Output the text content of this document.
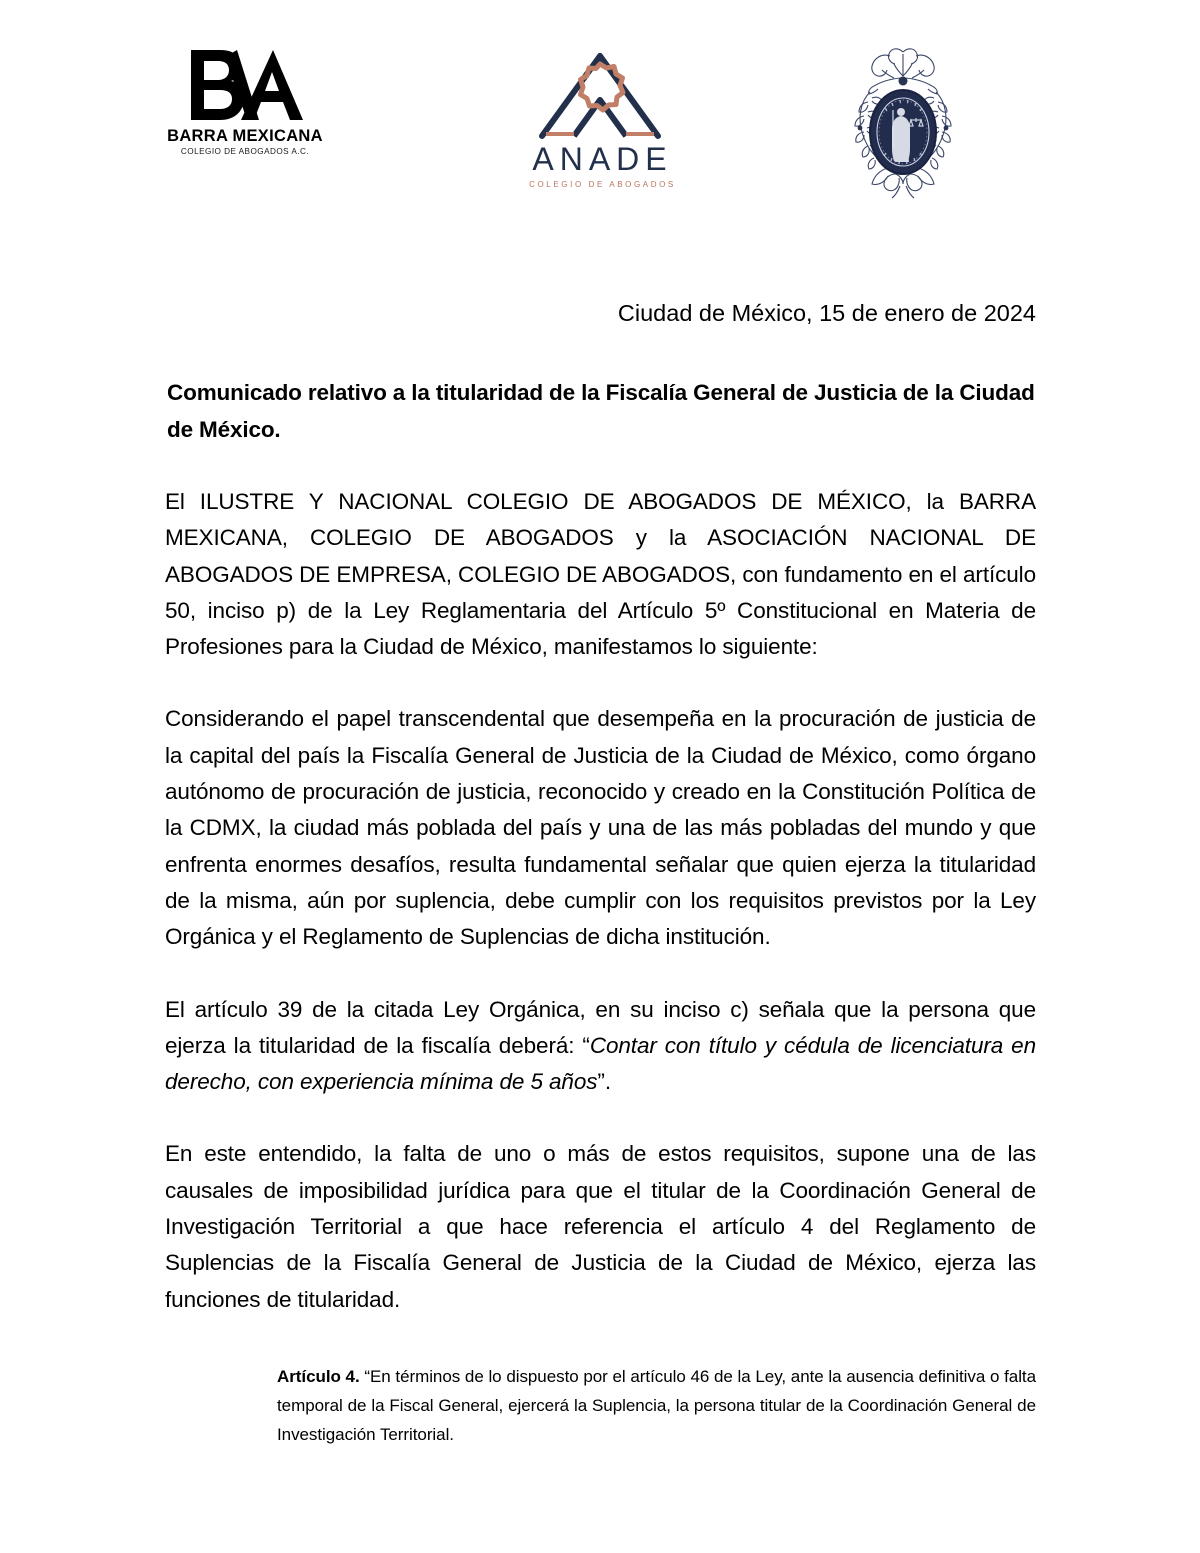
BARRA MEXICANA
COLEGIO DE ABOGADOS A.C.	ANADE
COLEGIO DE ABOGADOS

Ciudad de México, 15 de enero de 2024

Comunicado relativo a la titularidad de la Fiscalía General de Justicia de la Ciudad de México.

El ILUSTRE Y NACIONAL COLEGIO DE ABOGADOS DE MÉXICO, la BARRA MEXICANA, COLEGIO DE ABOGADOS y la ASOCIACIÓN NACIONAL DE ABOGADOS DE EMPRESA, COLEGIO DE ABOGADOS, con fundamento en el artículo 50, inciso p) de la Ley Reglamentaria del Artículo 5º Constitucional en Materia de Profesiones para la Ciudad de México, manifestamos lo siguiente:

Considerando el papel transcendental que desempeña en la procuración de justicia de la capital del país la Fiscalía General de Justicia de la Ciudad de México, como órgano autónomo de procuración de justicia, reconocido y creado en la Constitución Política de la CDMX, la ciudad más poblada del país y una de las más pobladas del mundo y que enfrenta enormes desafíos, resulta fundamental señalar que quien ejerza la titularidad de la misma, aún por suplencia, debe cumplir con los requisitos previstos por la Ley Orgánica y el Reglamento de Suplencias de dicha institución.

El artículo 39 de la citada Ley Orgánica, en su inciso c) señala que la persona que ejerza la titularidad de la fiscalía deberá: “Contar con título y cédula de licenciatura en derecho, con experiencia mínima de 5 años”.

En este entendido, la falta de uno o más de estos requisitos, supone una de las causales de imposibilidad jurídica para que el titular de la Coordinación General de Investigación Territorial a que hace referencia el artículo 4 del Reglamento de Suplencias de la Fiscalía General de Justicia de la Ciudad de México, ejerza las funciones de titularidad.

Artículo 4. “En términos de lo dispuesto por el artículo 46 de la Ley, ante la ausencia definitiva o falta temporal de la Fiscal General, ejercerá la Suplencia, la persona titular de la Coordinación General de Investigación Territorial.
